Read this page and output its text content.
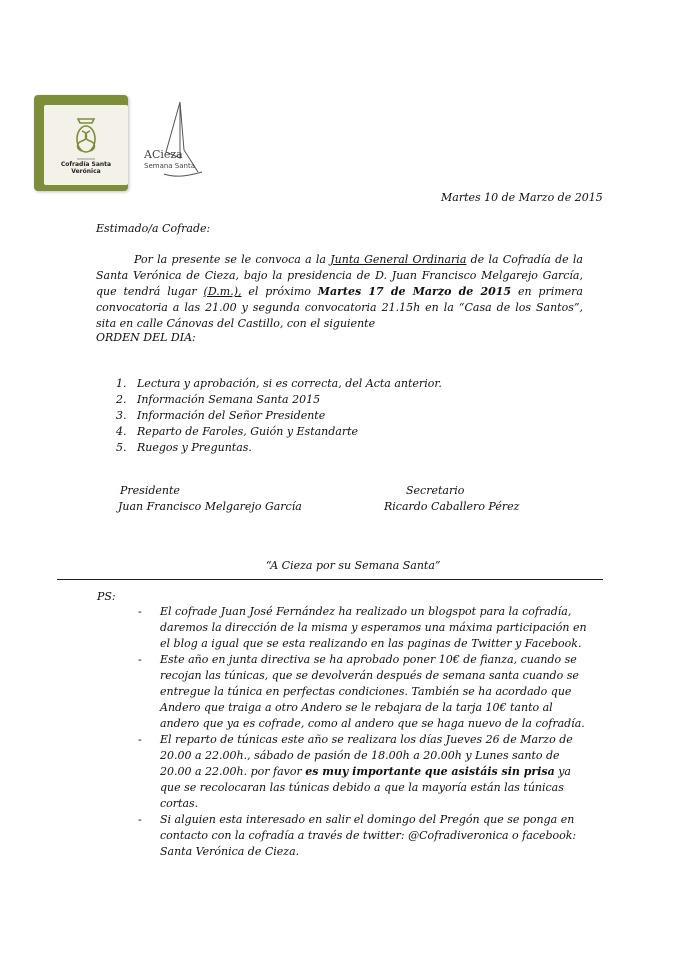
Cofradía Santa Verónica
ACieza
Semana Santa
Martes 10 de Marzo de 2015
Estimado/a Cofrade:
Por la presente se le convoca a la Junta General Ordinaria de la Cofradía de la Santa Verónica de Cieza, bajo la presidencia de D. Juan Francisco Melgarejo García, que tendrá lugar (D.m.), el próximo Martes 17 de Marzo de 2015 en primera convocatoria a las 21.00 y segunda convocatoria 21.15h en la “Casa de los Santos”, sita en calle Cánovas del Castillo, con el siguiente
ORDEN DEL DIA:
1. Lectura y aprobación, si es correcta, del Acta anterior.
2. Información Semana Santa 2015
3. Información del Señor Presidente
4. Reparto de Faroles, Guión y Estandarte
5. Ruegos y Preguntas.
Presidente
Juan Francisco Melgarejo García
Secretario
Ricardo Caballero Pérez
“A Cieza por su Semana Santa”
PS:
-	El cofrade Juan José Fernández ha realizado un blogspot para la cofradía, daremos la dirección de la misma y esperamos una máxima participación en el blog a igual que se esta realizando en las paginas de Twitter y Facebook.
-	Este año en junta directiva se ha aprobado poner 10€ de fianza, cuando se recojan las túnicas, que se devolverán después de semana santa cuando se entregue la túnica en perfectas condiciones. También se ha acordado que Andero que traiga a otro Andero se le rebajara de la tarja 10€ tanto al andero que ya es cofrade, como al andero que se haga nuevo de la cofradía.
-	El reparto de túnicas este año se realizara los días Jueves 26 de Marzo de 20.00 a 22.00h., sábado de pasión de 18.00h a 20.00h y Lunes santo de 20.00 a 22.00h. por favor es muy importante que asistáis sin prisa ya que se recolocaran las túnicas debido a que la mayoría están las túnicas cortas.
-	Si alguien esta interesado en salir el domingo del Pregón que se ponga en contacto con la cofradía a través de twitter: @Cofradiveronica o facebook: Santa Verónica de Cieza.
